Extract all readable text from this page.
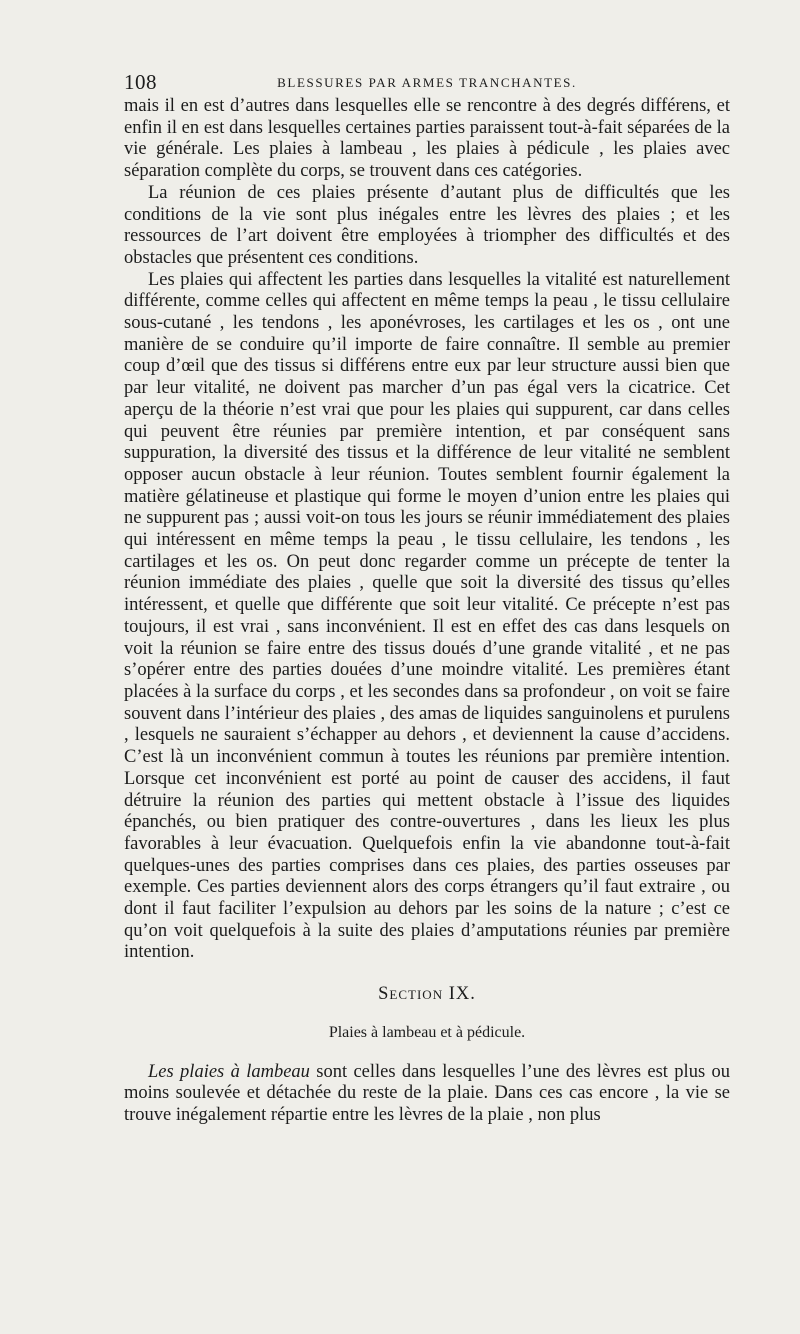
108	BLESSURES PAR ARMES TRANCHANTES.

mais il en est d’autres dans lesquelles elle se rencontre à des degrés différens, et enfin il en est dans lesquelles certaines parties paraissent tout-à-fait séparées de la vie générale. Les plaies à lambeau , les plaies à pédicule , les plaies avec séparation complète du corps, se trouvent dans ces catégories.

La réunion de ces plaies présente d’autant plus de difficultés que les conditions de la vie sont plus inégales entre les lèvres des plaies ; et les ressources de l’art doivent être employées à triompher des difficultés et des obstacles que présentent ces conditions.

Les plaies qui affectent les parties dans lesquelles la vitalité est naturellement différente, comme celles qui affectent en même temps la peau , le tissu cellulaire sous-cutané , les tendons , les aponévroses, les cartilages et les os , ont une manière de se conduire qu’il importe de faire connaître. Il semble au premier coup d’œil que des tissus si différens entre eux par leur structure aussi bien que par leur vitalité, ne doivent pas marcher d’un pas égal vers la cicatrice. Cet aperçu de la théorie n’est vrai que pour les plaies qui suppurent, car dans celles qui peuvent être réunies par première intention, et par conséquent sans suppuration, la diversité des tissus et la différence de leur vitalité ne semblent opposer aucun obstacle à leur réunion. Toutes semblent fournir également la matière gélatineuse et plastique qui forme le moyen d’union entre les plaies qui ne suppurent pas ; aussi voit-on tous les jours se réunir immédiatement des plaies qui intéressent en même temps la peau , le tissu cellulaire, les tendons , les cartilages et les os. On peut donc regarder comme un précepte de tenter la réunion immédiate des plaies , quelle que soit la diversité des tissus qu’elles intéressent, et quelle que différente que soit leur vitalité. Ce précepte n’est pas toujours, il est vrai , sans inconvénient. Il est en effet des cas dans lesquels on voit la réunion se faire entre des tissus doués d’une grande vitalité , et ne pas s’opérer entre des parties douées d’une moindre vitalité. Les premières étant placées à la surface du corps , et les secondes dans sa profondeur , on voit se faire souvent dans l’intérieur des plaies , des amas de liquides sanguinolens et purulens , lesquels ne sauraient s’échapper au dehors , et deviennent la cause d’accidens. C’est là un inconvénient commun à toutes les réunions par première intention. Lorsque cet inconvénient est porté au point de causer des accidens, il faut détruire la réunion des parties qui mettent obstacle à l’issue des liquides épanchés, ou bien pratiquer des contre-ouvertures , dans les lieux les plus favorables à leur évacuation. Quelquefois enfin la vie abandonne tout-à-fait quelques-unes des parties comprises dans ces plaies, des parties osseuses par exemple. Ces parties deviennent alors des corps étrangers qu’il faut extraire , ou dont il faut faciliter l’expulsion au dehors par les soins de la nature ; c’est ce qu’on voit quelquefois à la suite des plaies d’amputations réunies par première intention.

Section IX.

Plaies à lambeau et à pédicule.

Les plaies à lambeau sont celles dans lesquelles l’une des lèvres est plus ou moins soulevée et détachée du reste de la plaie. Dans ces cas encore , la vie se trouve inégalement répartie entre les lèvres de la plaie , non plus
